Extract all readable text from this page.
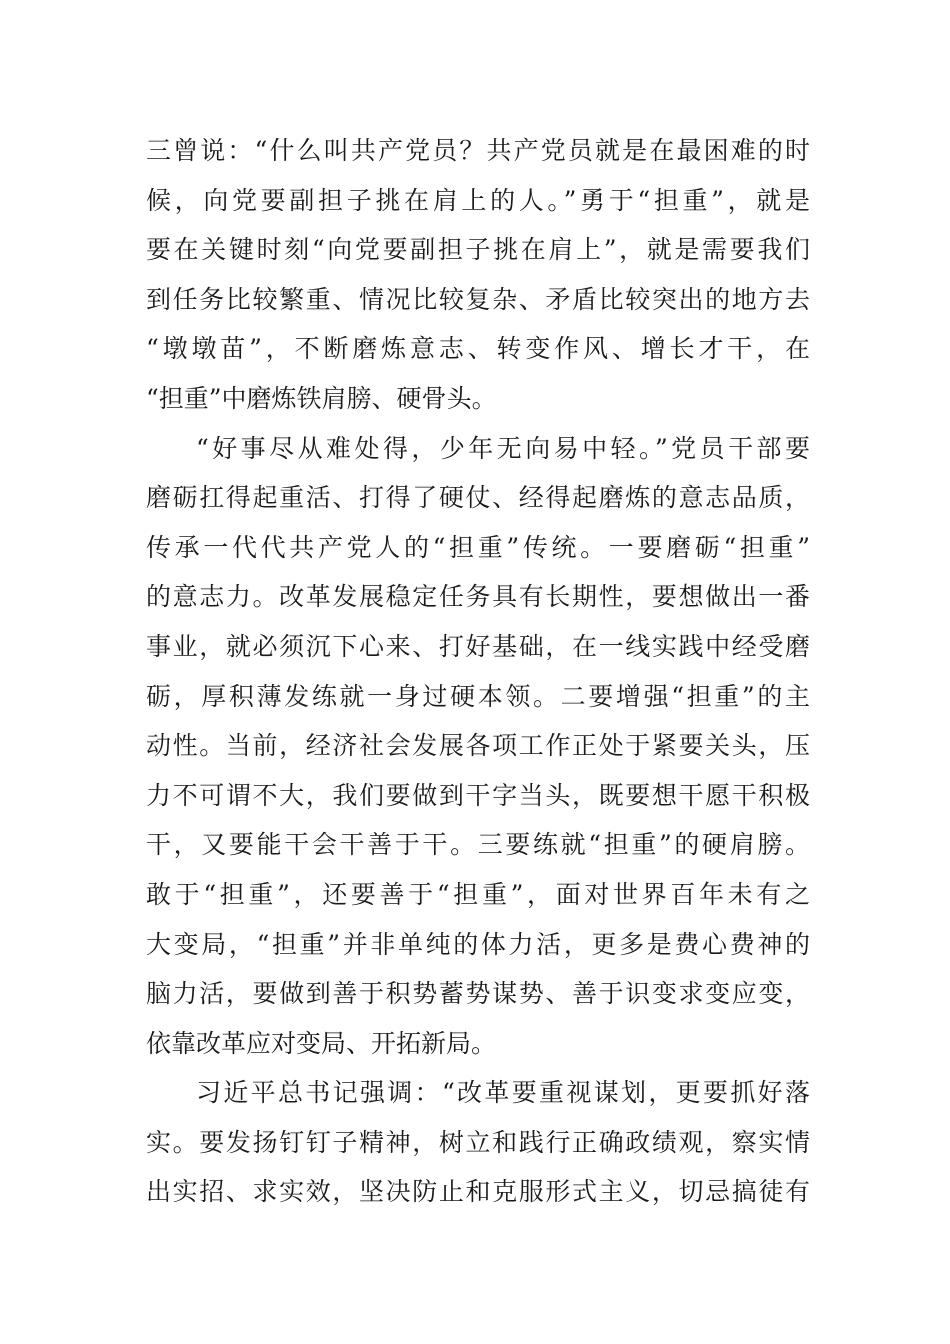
三曾说：“什么叫共产党员？共产党员就是在最困难的时
候，向党要副担子挑在肩上的人。”勇于“担重”，就是
要在关键时刻“向党要副担子挑在肩上”，就是需要我们
到任务比较繁重、情况比较复杂、矛盾比较突出的地方去
“墩墩苗”，不断磨炼意志、转变作风、增长才干，在
“担重”中磨炼铁肩膀、硬骨头。
“好事尽从难处得，少年无向易中轻。”党员干部要
磨砺扛得起重活、打得了硬仗、经得起磨炼的意志品质，
传承一代代共产党人的“担重”传统。一要磨砺“担重”
的意志力。改革发展稳定任务具有长期性，要想做出一番
事业，就必须沉下心来、打好基础，在一线实践中经受磨
砺，厚积薄发练就一身过硬本领。二要增强“担重”的主
动性。当前，经济社会发展各项工作正处于紧要关头，压
力不可谓不大，我们要做到干字当头，既要想干愿干积极
干，又要能干会干善于干。三要练就“担重”的硬肩膀。
敢于“担重”，还要善于“担重”，面对世界百年未有之
大变局，“担重”并非单纯的体力活，更多是费心费神的
脑力活，要做到善于积势蓄势谋势、善于识变求变应变，
依靠改革应对变局、开拓新局。
习近平总书记强调：“改革要重视谋划，更要抓好落
实。要发扬钉钉子精神，树立和践行正确政绩观，察实情
出实招、求实效，坚决防止和克服形式主义，切忌搞徒有
